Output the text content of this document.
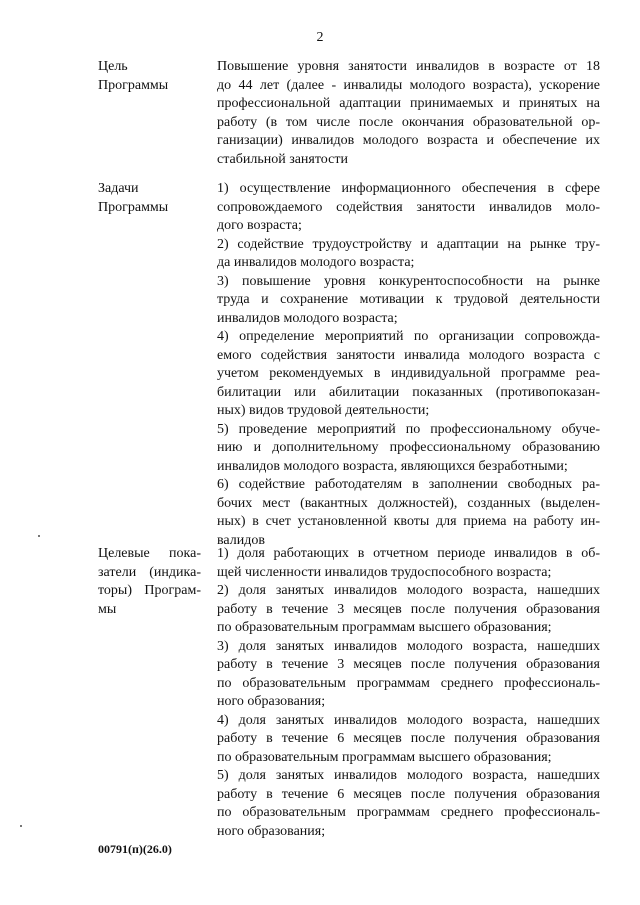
2
Цель
Программы
Повышение уровня занятости инвалидов в возрасте от 18
до 44 лет (далее - инвалиды молодого возраста), ускорение
профессиональной адаптации принимаемых и принятых на
работу (в том числе после окончания образовательной ор-
ганизации) инвалидов молодого возраста и обеспечение их
стабильной занятости
Задачи
Программы
1) осуществление информационного обеспечения в сфере
сопровождаемого содействия занятости инвалидов моло-
дого возраста;
2) содействие трудоустройству и адаптации на рынке тру-
да инвалидов молодого возраста;
3) повышение уровня конкурентоспособности на рынке
труда и сохранение мотивации к трудовой деятельности
инвалидов молодого возраста;
4) определение мероприятий по организации сопровожда-
емого содействия занятости инвалида молодого возраста с
учетом рекомендуемых в индивидуальной программе реа-
билитации или абилитации показанных (противопоказан-
ных) видов трудовой деятельности;
5) проведение мероприятий по профессиональному обуче-
нию и дополнительному профессиональному образованию
инвалидов молодого возраста, являющихся безработными;
6) содействие работодателям в заполнении свободных ра-
бочих мест (вакантных должностей), созданных (выделен-
ных) в счет установленной квоты для приема на работу ин-
валидов
Целевые пока-
затели (индика-
торы) Програм-
мы
1) доля работающих в отчетном периоде инвалидов в об-
щей численности инвалидов трудоспособного возраста;
2) доля занятых инвалидов молодого возраста, нашедших
работу в течение 3 месяцев после получения образования
по образовательным программам высшего образования;
3) доля занятых инвалидов молодого возраста, нашедших
работу в течение 3 месяцев после получения образования
по образовательным программам среднего профессиональ-
ного образования;
4) доля занятых инвалидов молодого возраста, нашедших
работу в течение 6 месяцев после получения образования
по образовательным программам высшего образования;
5) доля занятых инвалидов молодого возраста, нашедших
работу в течение 6 месяцев после получения образования
по образовательным программам среднего профессиональ-
ного образования;
00791(п)(26.0)
